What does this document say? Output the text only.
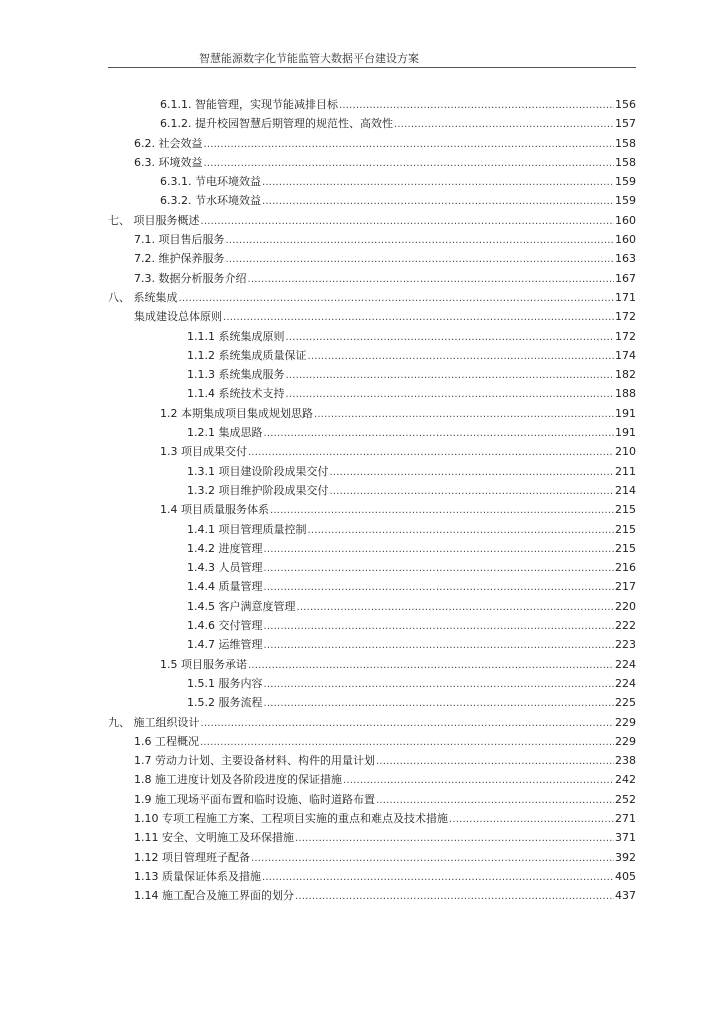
智慧能源数字化节能监管大数据平台建设方案
6.1.1. 智能管理，实现节能减排目标 .....	156
6.1.2. 提升校园智慧后期管理的规范性、高效性 .....	157
6.2. 社会效益 .....	158
6.3. 环境效益 .....	158
6.3.1. 节电环境效益 .....	159
6.3.2. 节水环境效益 .....	159
七、 项目服务概述 .....	160
7.1. 项目售后服务 .....	160
7.2. 维护保养服务 .....	163
7.3. 数据分析服务介绍 .....	167
八、 系统集成 .....	171
集成建设总体原则 .....	172
1.1.1 系统集成原则 .....	172
1.1.2 系统集成质量保证 .....	174
1.1.3 系统集成服务 .....	182
1.1.4 系统技术支持 .....	188
1.2 本期集成项目集成规划思路 .....	191
1.2.1 集成思路 .....	191
1.3 项目成果交付 .....	210
1.3.1 项目建设阶段成果交付 .....	211
1.3.2 项目维护阶段成果交付 .....	214
1.4 项目质量服务体系 .....	215
1.4.1 项目管理质量控制 .....	215
1.4.2 进度管理 .....	215
1.4.3 人员管理 .....	216
1.4.4 质量管理 .....	217
1.4.5 客户满意度管理 .....	220
1.4.6 交付管理 .....	222
1.4.7 运维管理 .....	223
1.5 项目服务承诺 .....	224
1.5.1 服务内容 .....	224
1.5.2 服务流程 .....	225
九、 施工组织设计 .....	229
1.6 工程概况 .....	229
1.7 劳动力计划、主要设备材料、构件的用量计划 .....	238
1.8 施工进度计划及各阶段进度的保证措施 .....	242
1.9 施工现场平面布置和临时设施、临时道路布置 .....	252
1.10 专项工程施工方案、工程项目实施的重点和难点及技术措施 .....	271
1.11 安全、文明施工及环保措施 .....	371
1.12 项目管理班子配备 .....	392
1.13 质量保证体系及措施 .....	405
1.14 施工配合及施工界面的划分 .....	437
